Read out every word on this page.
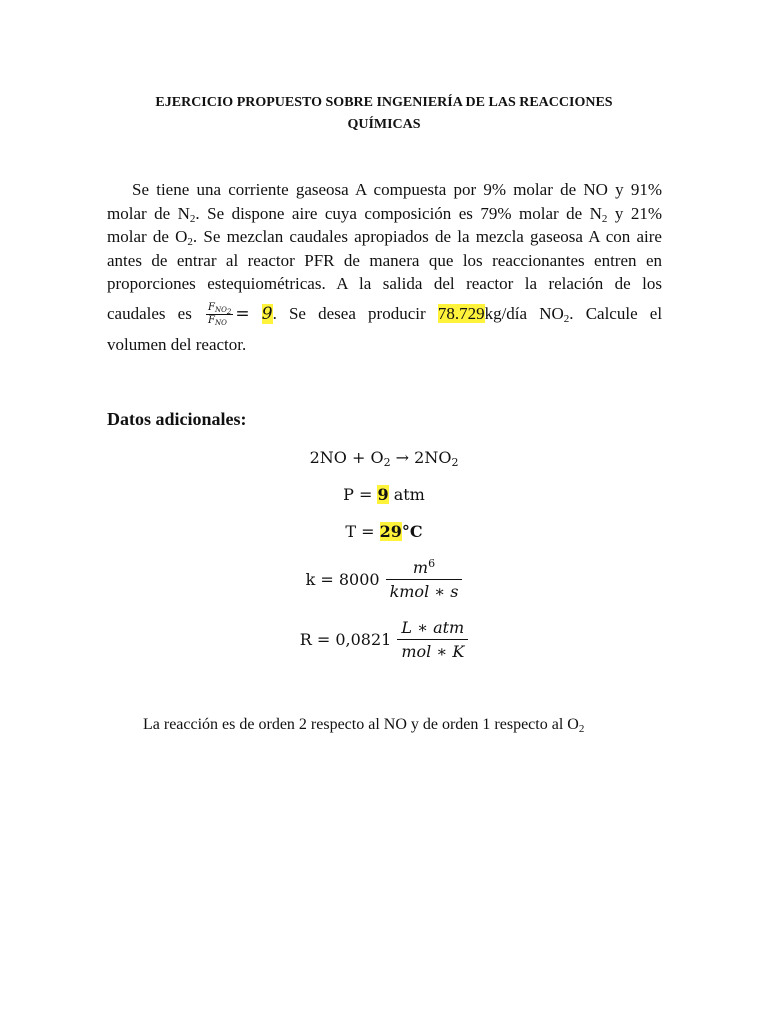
EJERCICIO PROPUESTO SOBRE INGENIERÍA DE LAS REACCIONES QUÍMICAS
Se tiene una corriente gaseosa A compuesta por 9% molar de NO y 91%
molar de $N_2$. Se dispone aire cuya composición es 79% molar de $N_2$ y 21%
molar de $O_2$. Se mezclan caudales apropiados de la mezcla gaseosa A con aire
antes de entrar al reactor PFR de manera que los reaccionantes entren en
proporciones estequiométricas. A la salida del reactor la relación de los
caudales es $\frac{F_{NO_2}}{F_{NO}} = 9$. Se desea producir 78.729kg/día $NO_2$. Calcule el
volumen del reactor.
Datos adicionales:
$2NO + O_2 \to 2NO_2$
P = 9 atm
T = 29°C
$k = 8000 \frac{m^6}{\text{kmol ∗ s}}$
$R = 0,0821 \frac{\text{L ∗ atm}}{\text{mol ∗ K}}$
La reacción es de orden 2 respecto al NO y de orden 1 respecto al $O_2$
